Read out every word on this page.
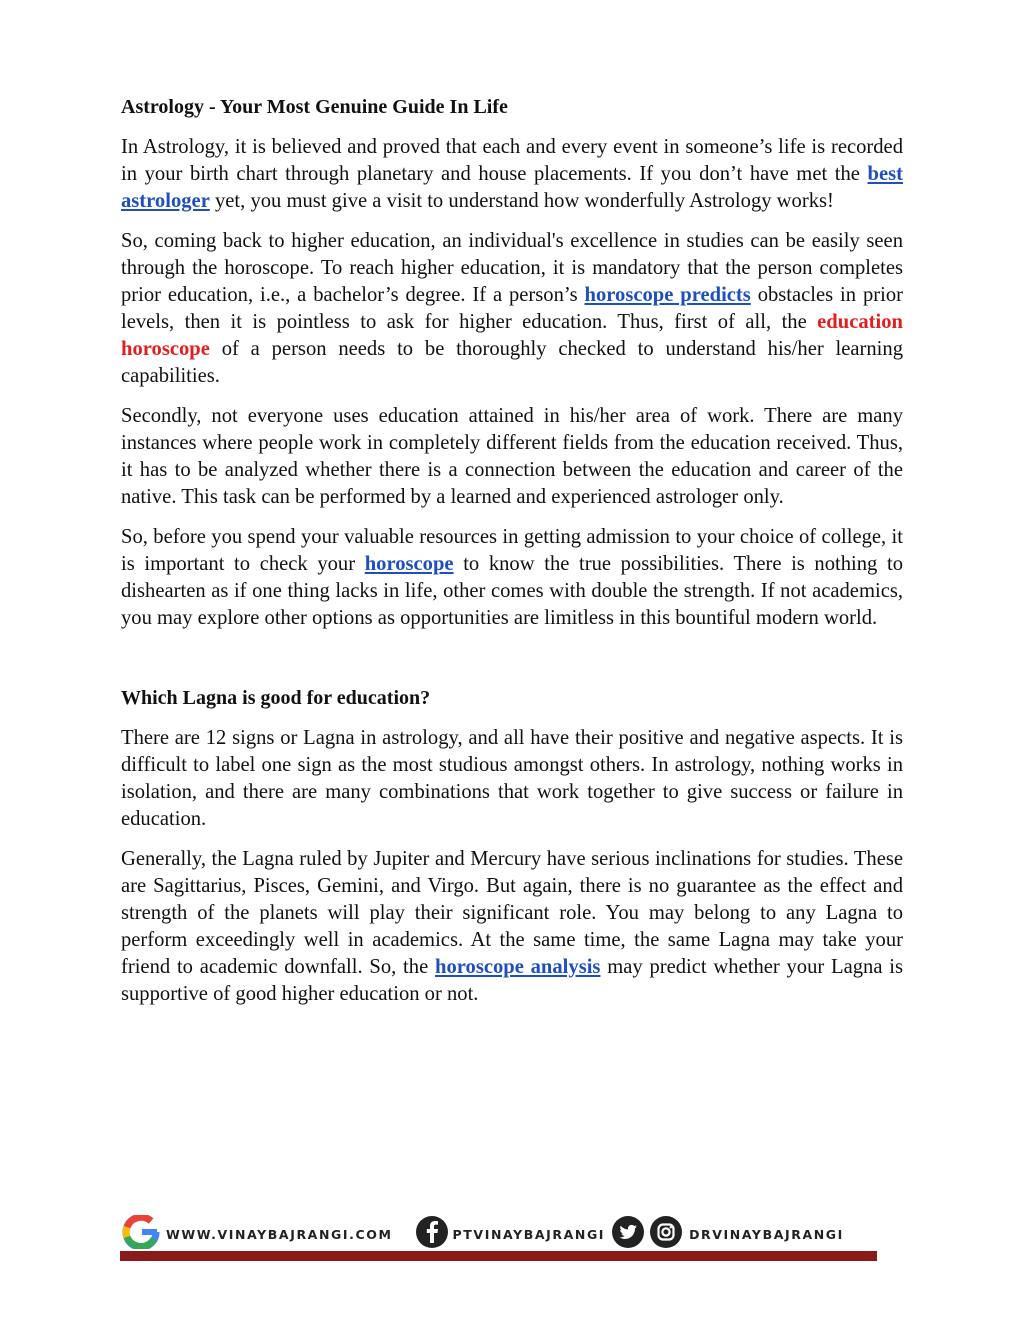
Astrology - Your Most Genuine Guide In Life

In Astrology, it is believed and proved that each and every event in someone’s life is recorded in your birth chart through planetary and house placements. If you don’t have met the best astrologer yet, you must give a visit to understand how wonderfully Astrology works!

So, coming back to higher education, an individual's excellence in studies can be easily seen through the horoscope. To reach higher education, it is mandatory that the person completes prior education, i.e., a bachelor’s degree. If a person’s horoscope predicts obstacles in prior levels, then it is pointless to ask for higher education. Thus, first of all, the education horoscope of a person needs to be thoroughly checked to understand his/her learning capabilities.

Secondly, not everyone uses education attained in his/her area of work. There are many instances where people work in completely different fields from the education received. Thus, it has to be analyzed whether there is a connection between the education and career of the native. This task can be performed by a learned and experienced astrologer only.

So, before you spend your valuable resources in getting admission to your choice of college, it is important to check your horoscope to know the true possibilities. There is nothing to dishearten as if one thing lacks in life, other comes with double the strength. If not academics, you may explore other options as opportunities are limitless in this bountiful modern world.

Which Lagna is good for education?

There are 12 signs or Lagna in astrology, and all have their positive and negative aspects. It is difficult to label one sign as the most studious amongst others. In astrology, nothing works in isolation, and there are many combinations that work together to give success or failure in education.

Generally, the Lagna ruled by Jupiter and Mercury have serious inclinations for studies. These are Sagittarius, Pisces, Gemini, and Virgo. But again, there is no guarantee as the effect and strength of the planets will play their significant role. You may belong to any Lagna to perform exceedingly well in academics. At the same time, the same Lagna may take your friend to academic downfall. So, the horoscope analysis may predict whether your Lagna is supportive of good higher education or not.

WWW.VINAYBAJRANGI.COM	PTVINAYBAJRANGI	DRVINAYBAJRANGI
